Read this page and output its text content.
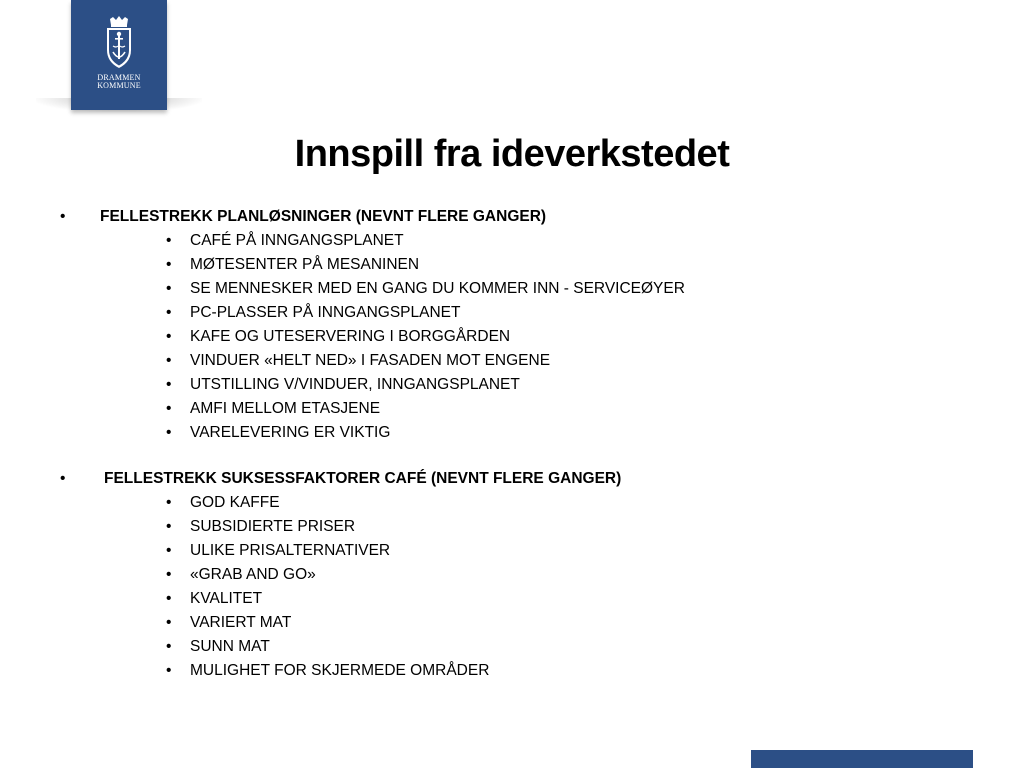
DRAMMEN
KOMMUNE
Innspill fra ideverkstedet
• FELLESTREKK PLANLØSNINGER (NEVNT FLERE GANGER)
• CAFÉ PÅ INNGANGSPLANET
• MØTESENTER PÅ MESANINEN
• SE MENNESKER MED EN GANG DU KOMMER INN - SERVICEØYER
• PC-PLASSER PÅ INNGANGSPLANET
• KAFE OG UTESERVERING I BORGGÅRDEN
• VINDUER «HELT NED» I FASADEN MOT ENGENE
• UTSTILLING V/VINDUER, INNGANGSPLANET
• AMFI MELLOM ETASJENE
• VARELEVERING ER VIKTIG
• FELLESTREKK SUKSESSFAKTORER CAFÉ (NEVNT FLERE GANGER)
• GOD KAFFE
• SUBSIDIERTE PRISER
• ULIKE PRISALTERNATIVER
• «GRAB AND GO»
• KVALITET
• VARIERT MAT
• SUNN MAT
• MULIGHET FOR SKJERMEDE OMRÅDER
